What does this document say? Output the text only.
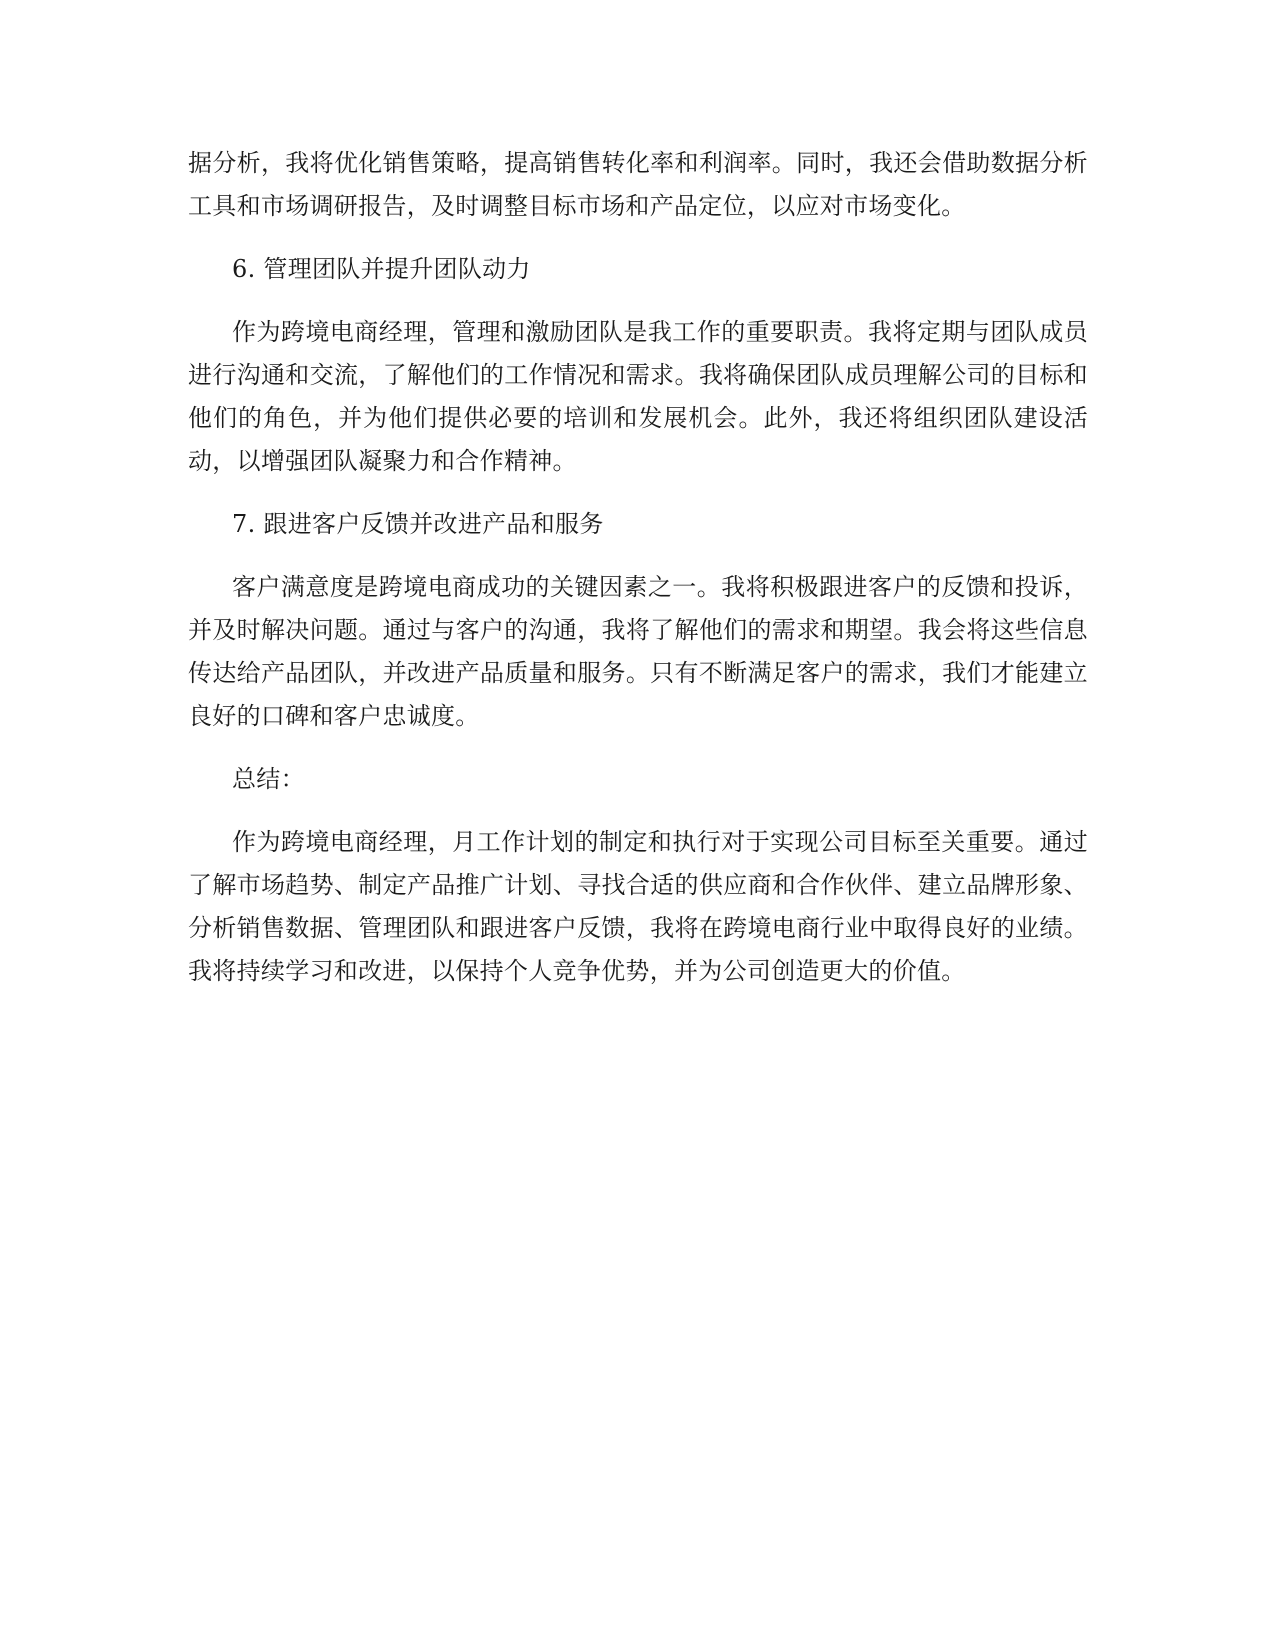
据分析，我将优化销售策略，提高销售转化率和利润率。同时，我还会借助数据分析工具和市场调研报告，及时调整目标市场和产品定位，以应对市场变化。

6. 管理团队并提升团队动力

作为跨境电商经理，管理和激励团队是我工作的重要职责。我将定期与团队成员进行沟通和交流，了解他们的工作情况和需求。我将确保团队成员理解公司的目标和他们的角色，并为他们提供必要的培训和发展机会。此外，我还将组织团队建设活动，以增强团队凝聚力和合作精神。

7. 跟进客户反馈并改进产品和服务

客户满意度是跨境电商成功的关键因素之一。我将积极跟进客户的反馈和投诉，并及时解决问题。通过与客户的沟通，我将了解他们的需求和期望。我会将这些信息传达给产品团队，并改进产品质量和服务。只有不断满足客户的需求，我们才能建立良好的口碑和客户忠诚度。

总结：

作为跨境电商经理，月工作计划的制定和执行对于实现公司目标至关重要。通过了解市场趋势、制定产品推广计划、寻找合适的供应商和合作伙伴、建立品牌形象、分析销售数据、管理团队和跟进客户反馈，我将在跨境电商行业中取得良好的业绩。我将持续学习和改进，以保持个人竞争优势，并为公司创造更大的价值。
